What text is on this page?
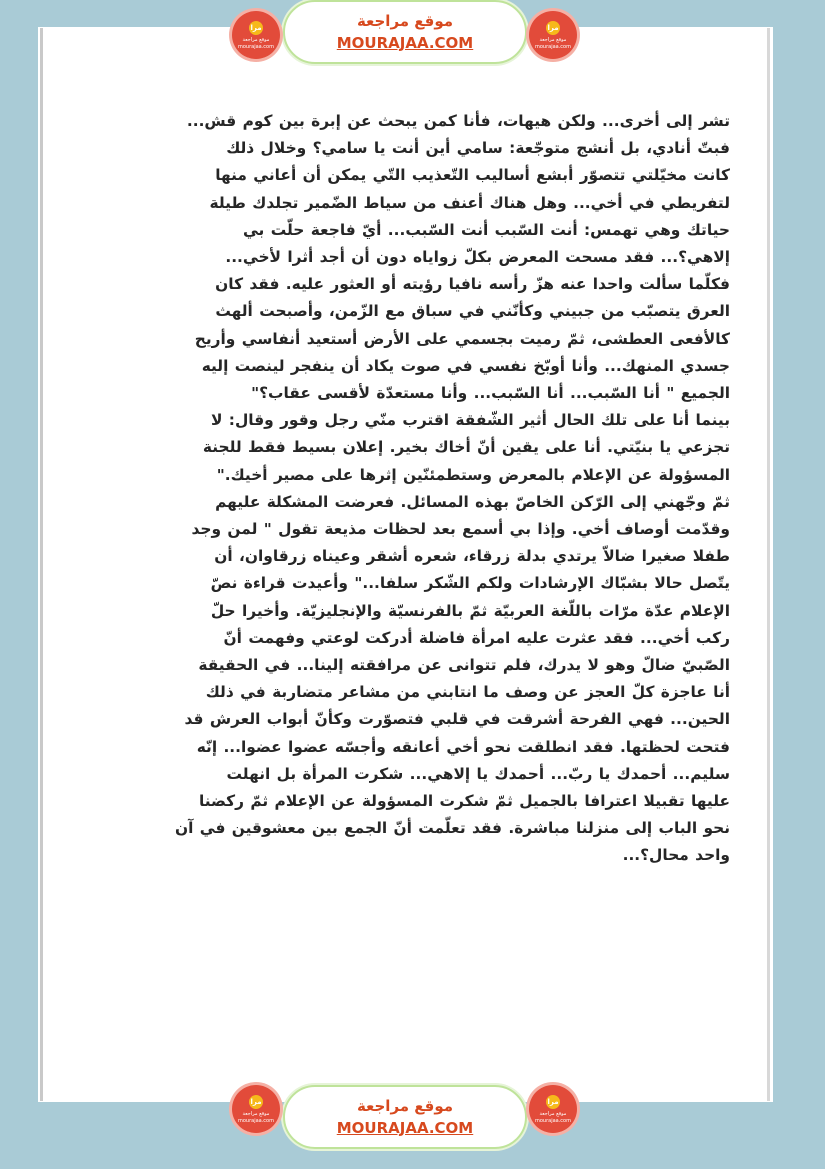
موقع مراجعة
MOURAJAA.COM
مرا
موقع مراجعة
mourajaa.com
مرا
موقع مراجعة
mourajaa.com

تشر إلى أخرى... ولكن هيهات، فأنا كمن يبحث عن إبرة بين كوم قش...

فبتّ أنادي، بل أنشج متوجّعة: سامي أين أنت يا سامي؟ وخلال ذلك

كانت مخيّلتي تتصوّر أبشع أساليب التّعذيب التّي يمكن أن أعاني منها

لتفريطي في أخي... وهل هناك أعنف من سياط الضّمير تجلدك طيلة

حياتك وهي تهمس: أنت السّبب أنت السّبب... أيّ فاجعة حلّت بي

إلاهي؟... فقد مسحت المعرض بكلّ زواياه دون أن أجد أثرا لأخي...

فكلّما سألت واحدا عنه هزّ رأسه نافيا رؤيته أو العثور عليه. فقد كان

العرق يتصبّب من جبيني وكأنّني في سباق مع الزّمن، وأصبحت ألهث

كالأفعى العطشى، ثمّ رميت بجسمي على الأرض أستعيد أنفاسي وأريح

جسدي المنهك... وأنا أوبّخ نفسي في صوت يكاد أن ينفجر لينصت إليه

الجميع " أنا السّبب... أنا السّبب... وأنا مستعدّة لأقسى عقاب؟"

بينما أنا على تلك الحال أثير الشّفقة اقترب منّي رجل وقور وقال: لا

تجزعي يا بنيّتي. أنا على يقين أنّ أخاك بخير. إعلان بسيط فقط للجنة

المسؤولة عن الإعلام بالمعرض وستطمئنّين إثرها على مصير أخيك."

ثمّ وجّهني إلى الرّكن الخاصّ بهذه المسائل. فعرضت المشكلة عليهم

وقدّمت أوصاف أخي. وإذا بي أسمع بعد لحظات مذيعة تقول " لمن وجد

طفلا صغيرا ضالاّ يرتدي بدلة زرقاء، شعره أشقر وعيناه زرقاوان، أن

يتّصل حالا بشبّاك الإرشادات ولكم الشّكر سلفا..." وأعيدت قراءة نصّ

الإعلام عدّة مرّات باللّغة العربيّة ثمّ بالفرنسيّة والإنجليزيّة. وأخيرا حلّ

ركب أخي... فقد عثرت عليه امرأة فاضلة أدركت لوعتي وفهمت أنّ

الصّبيّ ضالّ وهو لا يدرك، فلم تتوانى عن مرافقته إلينا... في الحقيقة

أنا عاجزة كلّ العجز عن وصف ما انتابني من مشاعر متضاربة في ذلك

الحين... فهي الفرحة أشرقت في قلبي فتصوّرت وكأنّ أبواب العرش قد

فتحت لحظتها. فقد انطلقت نحو أخي أعانقه وأجسّه عضوا عضوا... إنّه

سليم... أحمدك يا ربّ... أحمدك يا إلاهي... شكرت المرأة بل انهلت

عليها تقبيلا اعترافا بالجميل ثمّ شكرت المسؤولة عن الإعلام ثمّ ركضنا

نحو الباب إلى منزلنا مباشرة. فقد تعلّمت أنّ الجمع بين معشوقين في آن

واحد محال؟...

موقع مراجعة
MOURAJAA.COM
مرا
موقع مراجعة
mourajaa.com
مرا
موقع مراجعة
mourajaa.com
